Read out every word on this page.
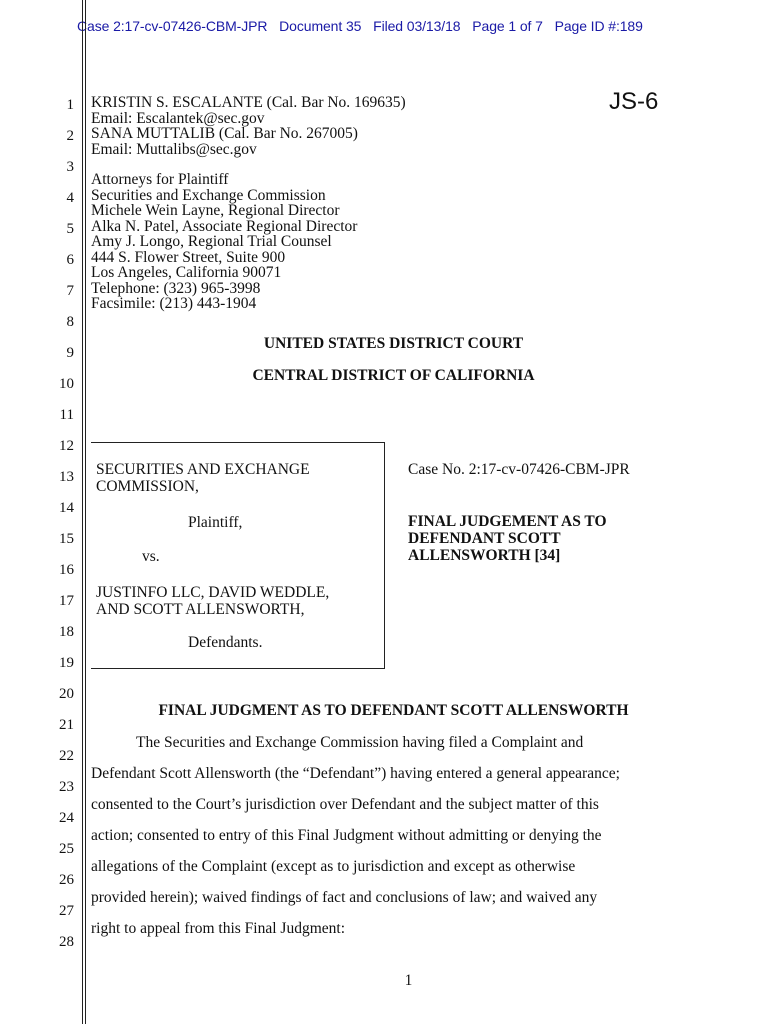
Case 2:17-cv-07426-CBM-JPR Document 35 Filed 03/13/18 Page 1 of 7 Page ID #:189
1
2
3
4
5
6
7
8
9
10
11
12
13
14
15
16
17
18
19
20
21
22
23
24
25
26
27
28
JS-6
KRISTIN S. ESCALANTE (Cal. Bar No. 169635)
Email: Escalantek@sec.gov
SANA MUTTALIB (Cal. Bar No. 267005)
Email: Muttalibs@sec.gov
Attorneys for Plaintiff
Securities and Exchange Commission
Michele Wein Layne, Regional Director
Alka N. Patel, Associate Regional Director
Amy J. Longo, Regional Trial Counsel
444 S. Flower Street, Suite 900
Los Angeles, California 90071
Telephone: (323) 965-3998
Facsimile: (213) 443-1904
UNITED STATES DISTRICT COURT
CENTRAL DISTRICT OF CALIFORNIA
SECURITIES AND EXCHANGE
COMMISSION,
Plaintiff,
vs.
JUSTINFO LLC, DAVID WEDDLE,
AND SCOTT ALLENSWORTH,
Defendants.
Case No. 2:17-cv-07426-CBM-JPR
FINAL JUDGEMENT AS TO
DEFENDANT SCOTT
ALLENSWORTH [34]
FINAL JUDGMENT AS TO DEFENDANT SCOTT ALLENSWORTH
The Securities and Exchange Commission having filed a Complaint and
Defendant Scott Allensworth (the “Defendant”) having entered a general appearance;
consented to the Court’s jurisdiction over Defendant and the subject matter of this
action; consented to entry of this Final Judgment without admitting or denying the
allegations of the Complaint (except as to jurisdiction and except as otherwise
provided herein); waived findings of fact and conclusions of law; and waived any
right to appeal from this Final Judgment:
1
